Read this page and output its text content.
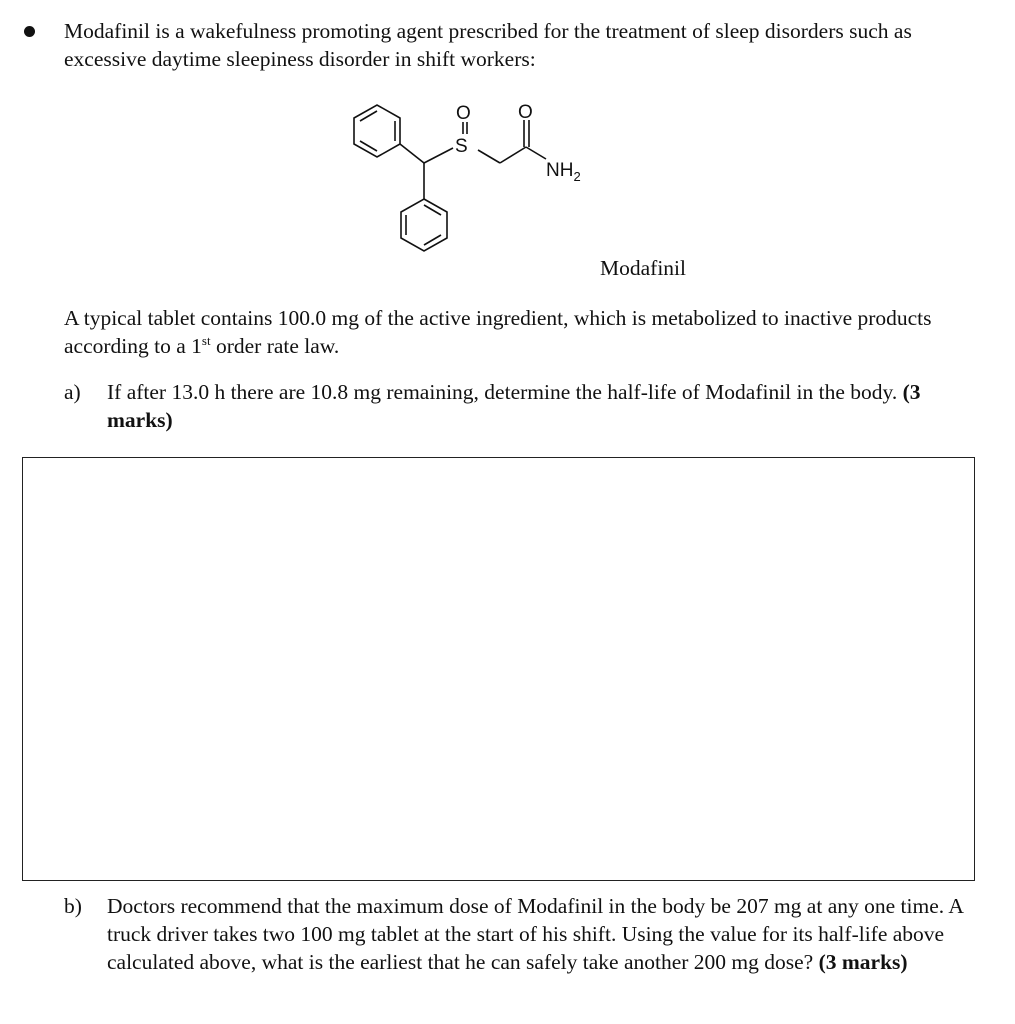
Modafinil is a wakefulness promoting agent prescribed for the treatment of sleep disorders such as excessive daytime sleepiness disorder in shift workers:
O
S
O
$NH_2$
Modafinil
A typical tablet contains 100.0 mg of the active ingredient, which is metabolized to inactive products according to a 1st order rate law.
a) If after 13.0 h there are 10.8 mg remaining, determine the half-life of Modafinil in the body. (3 marks)
b) Doctors recommend that the maximum dose of Modafinil in the body be 207 mg at any one time. A truck driver takes two 100 mg tablet at the start of his shift. Using the value for its half-life above calculated above, what is the earliest that he can safely take another 200 mg dose? (3 marks)
